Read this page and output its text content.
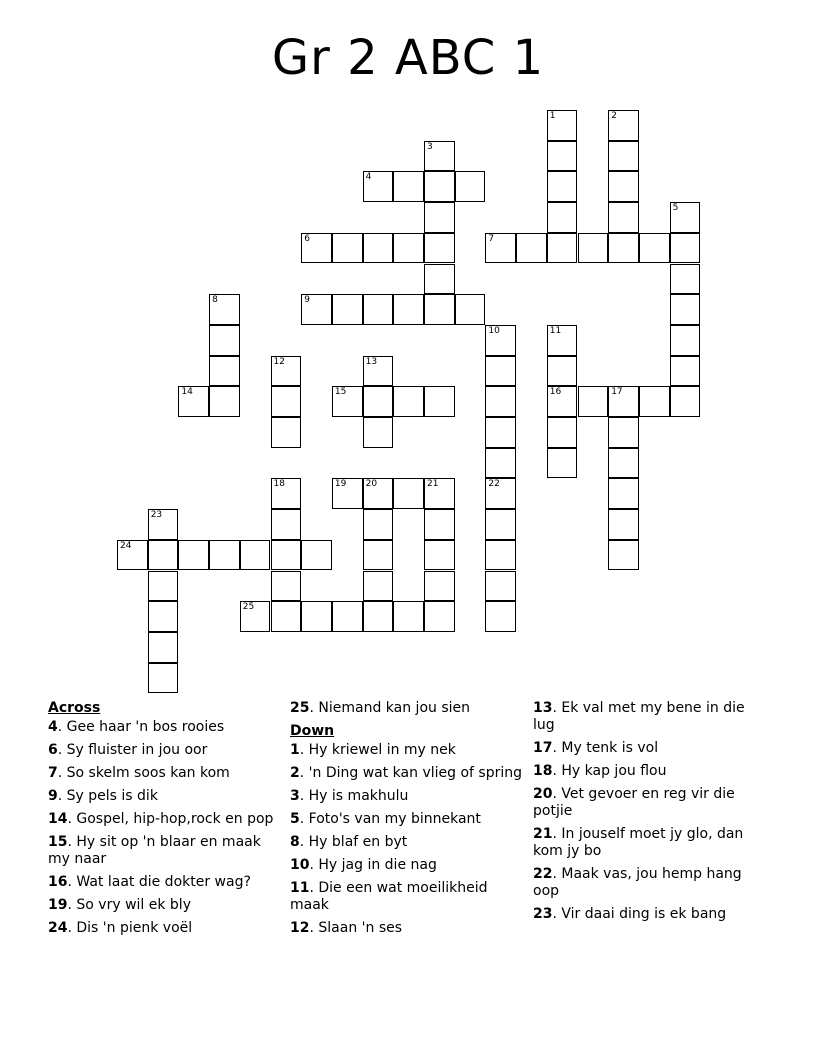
Gr 2 ABC 1
1	2
3
4
5
6	7
8	9
10	11
16
12	13
14	15	17
18	19 20	21	22
23
24
25
Across
4. Gee haar 'n bos rooies
6. Sy fluister in jou oor
7. So skelm soos kan kom
9. Sy pels is dik
14. Gospel, hip-hop,rock en pop
15. Hy sit op 'n blaar en maak my naar
16. Wat laat die dokter wag?
19. So vry wil ek bly
24. Dis 'n pienk voël
25. Niemand kan jou sien
Down
1. Hy kriewel in my nek
2. 'n Ding wat kan vlieg of spring
3. Hy is makhulu
5. Foto's van my binnekant
8. Hy blaf en byt
10. Hy jag in die nag
11. Die een wat moeilikheid maak
12. Slaan 'n ses
13. Ek val met my bene in die lug
17. My tenk is vol
18. Hy kap jou flou
20. Vet gevoer en reg vir die potjie
21. In jouself moet jy glo, dan kom jy bo
22. Maak vas, jou hemp hang oop
23. Vir daai ding is ek bang
